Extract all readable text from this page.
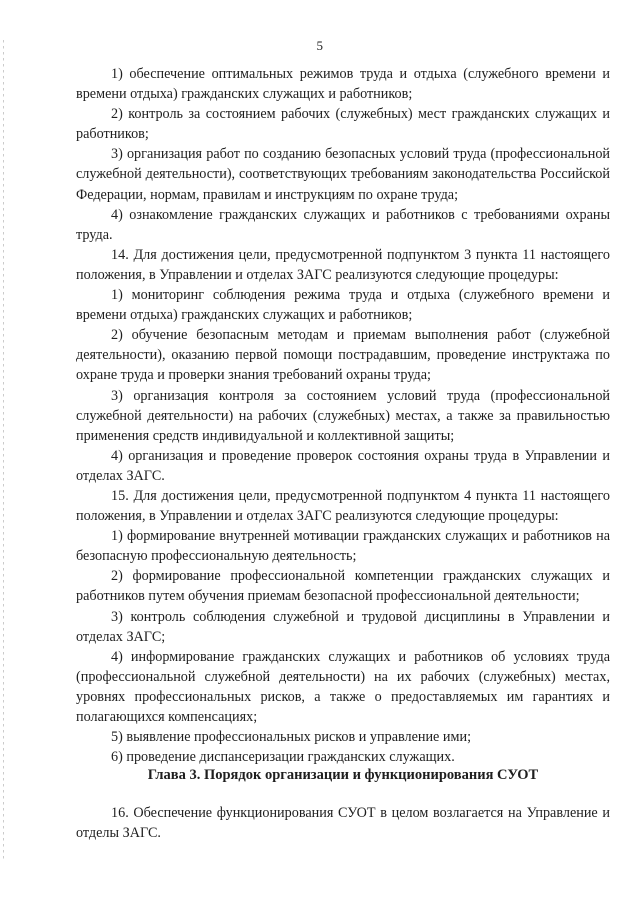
5

1) обеспечение оптимальных режимов труда и отдыха (служебного времени и времени отдыха) гражданских служащих и работников;

2) контроль за состоянием рабочих (служебных) мест гражданских служащих и работников;

3) организация работ по созданию безопасных условий труда (профессиональной служебной деятельности), соответствующих требованиям законодательства Российской Федерации, нормам, правилам и инструкциям по охране труда;

4) ознакомление гражданских служащих и работников с требованиями охраны труда.

14. Для достижения цели, предусмотренной подпунктом 3 пункта 11 настоящего положения, в Управлении и отделах ЗАГС реализуются следующие процедуры:

1) мониторинг соблюдения режима труда и отдыха (служебного времени и времени отдыха) гражданских служащих и работников;

2) обучение безопасным методам и приемам выполнения работ (служебной деятельности), оказанию первой помощи пострадавшим, проведение инструктажа по охране труда и проверки знания требований охраны труда;

3) организация контроля за состоянием условий труда (профессиональной служебной деятельности) на рабочих (служебных) местах, а также за правильностью применения средств индивидуальной и коллективной защиты;

4) организация и проведение проверок состояния охраны труда в Управлении и отделах ЗАГС.

15. Для достижения цели, предусмотренной подпунктом 4 пункта 11 настоящего положения, в Управлении и отделах ЗАГС реализуются следующие процедуры:

1) формирование внутренней мотивации гражданских служащих и работников на безопасную профессиональную деятельность;

2) формирование профессиональной компетенции гражданских служащих и работников путем обучения приемам безопасной профессиональной деятельности;

3) контроль соблюдения служебной и трудовой дисциплины в Управлении и отделах ЗАГС;

4) информирование гражданских служащих и работников об условиях труда (профессиональной служебной деятельности) на их рабочих (служебных) местах, уровнях профессиональных рисков, а также о предоставляемых им гарантиях и полагающихся компенсациях;

5) выявление профессиональных рисков и управление ими;

6) проведение диспансеризации гражданских служащих.

Глава 3. Порядок организации и функционирования СУОТ

16. Обеспечение функционирования СУОТ в целом возлагается на Управление и отделы ЗАГС.
